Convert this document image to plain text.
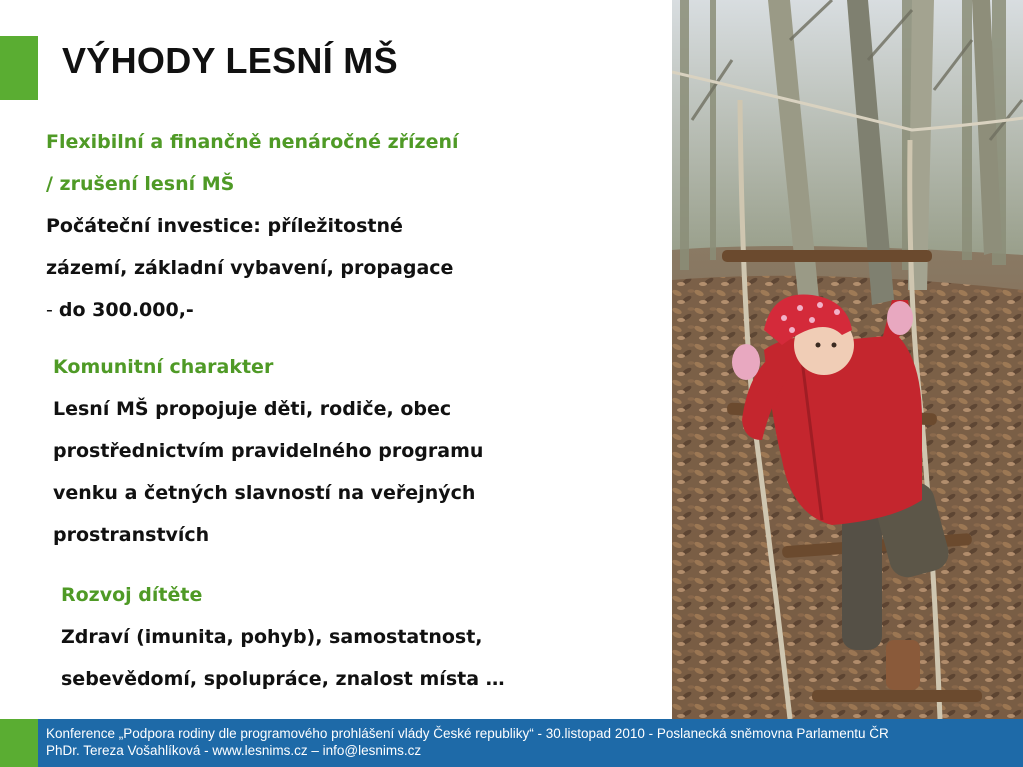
VÝHODY LESNÍ MŠ
Flexibilní a finančně nenáročné zřízení
/ zrušení lesní MŠ
Počáteční investice: příležitostné
zázemí, základní vybavení, propagace
- do 300.000,-
Komunitní charakter
Lesní MŠ propojuje děti, rodiče, obec
prostřednictvím pravidelného programu
venku a četných slavností na veřejných
prostranstvích
Rozvoj dítěte
Zdraví (imunita, pohyb), samostatnost,
sebevědomí, spolupráce, znalost místa …
Konference „Podpora rodiny dle programového prohlášení vlády České republiky“ - 30.listopad 2010 - Poslanecká sněmovna Parlamentu ČR
PhDr. Tereza Vošahlíková - www.lesnims.cz – info@lesnims.cz
